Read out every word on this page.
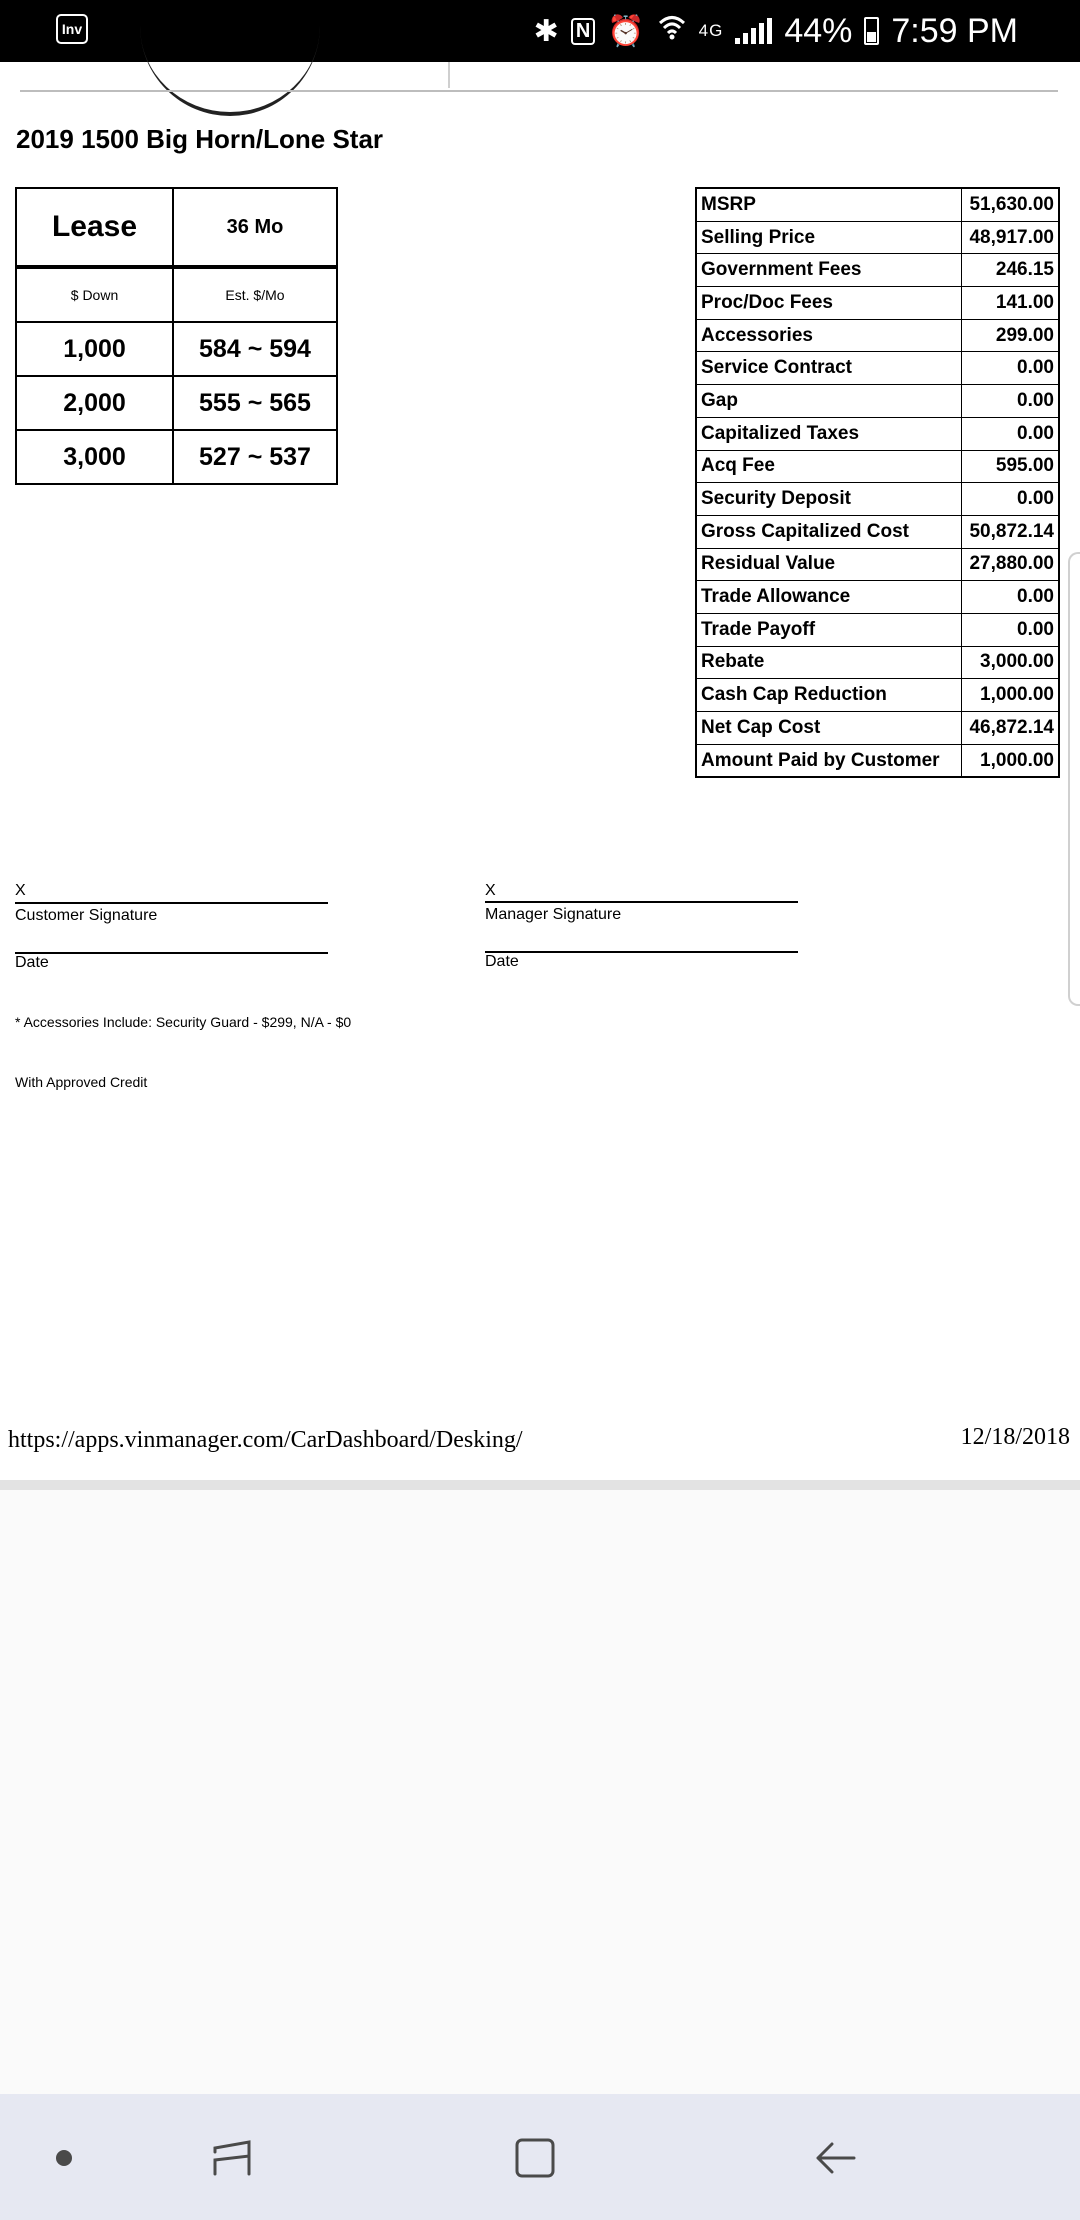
Inv	✱ N ⏰	4G 44% 7:59 PM
2019 1500 Big Horn/Lone Star
Lease	36 Mo
$ Down	Est. $/Mo
1,000	584 ~ 594
2,000	555 ~ 565
3,000	527 ~ 537
MSRP	51,630.00
Selling Price	48,917.00
Government Fees	246.15
Proc/Doc Fees	141.00
Accessories	299.00
Service Contract	0.00
Gap	0.00
Capitalized Taxes	0.00
Acq Fee	595.00
Security Deposit	0.00
Gross Capitalized Cost	50,872.14
Residual Value	27,880.00
Trade Allowance	0.00
Trade Payoff	0.00
Rebate	3,000.00
Cash Cap Reduction	1,000.00
Net Cap Cost	46,872.14
Amount Paid by Customer	1,000.00
X
Customer Signature
Date
X
Manager Signature
Date
* Accessories Include: Security Guard - $299, N/A - $0
With Approved Credit
https://apps.vinmanager.com/CarDashboard/Desking/	12/18/2018
